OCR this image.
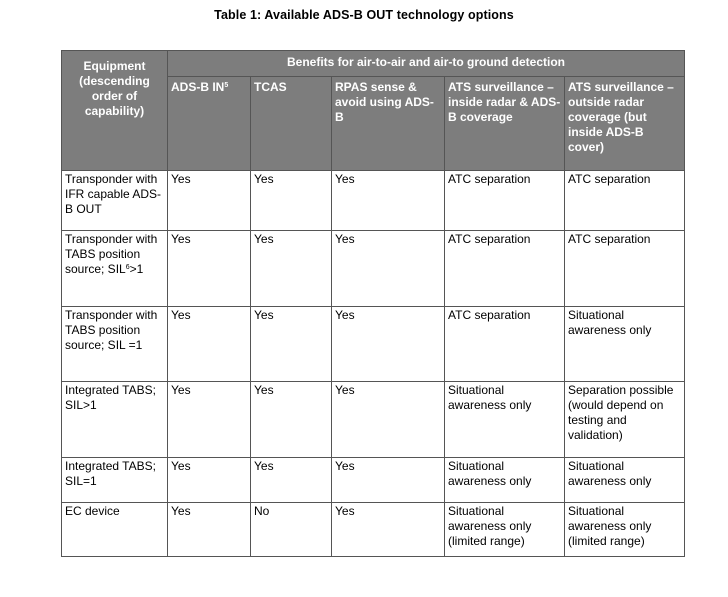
Table 1: Available ADS-B OUT technology options
Equipment (descending order of capability)	Benefits for air-to-air and air-to ground detection				
	ADS-B $IN^5$	TCAS	RPAS sense & avoid using ADS-B	ATS surveillance – inside radar & ADS-B coverage	ATS surveillance – outside radar coverage (but inside ADS-B cover)
Transponder with IFR capable ADS-B OUT	Yes	Yes	Yes	ATC separation	ATC separation
Transponder with TABS position source; $SIL^6>1$	Yes	Yes	Yes	ATC separation	ATC separation
Transponder with TABS position source; SIL =1	Yes	Yes	Yes	ATC separation	Situational awareness only
Integrated TABS; SIL>1	Yes	Yes	Yes	Situational awareness only	Separation possible (would depend on testing and validation)
Integrated TABS; SIL=1	Yes	Yes	Yes	Situational awareness only	Situational awareness only
EC device	Yes	No	Yes	Situational awareness only (limited range)	Situational awareness only (limited range)
